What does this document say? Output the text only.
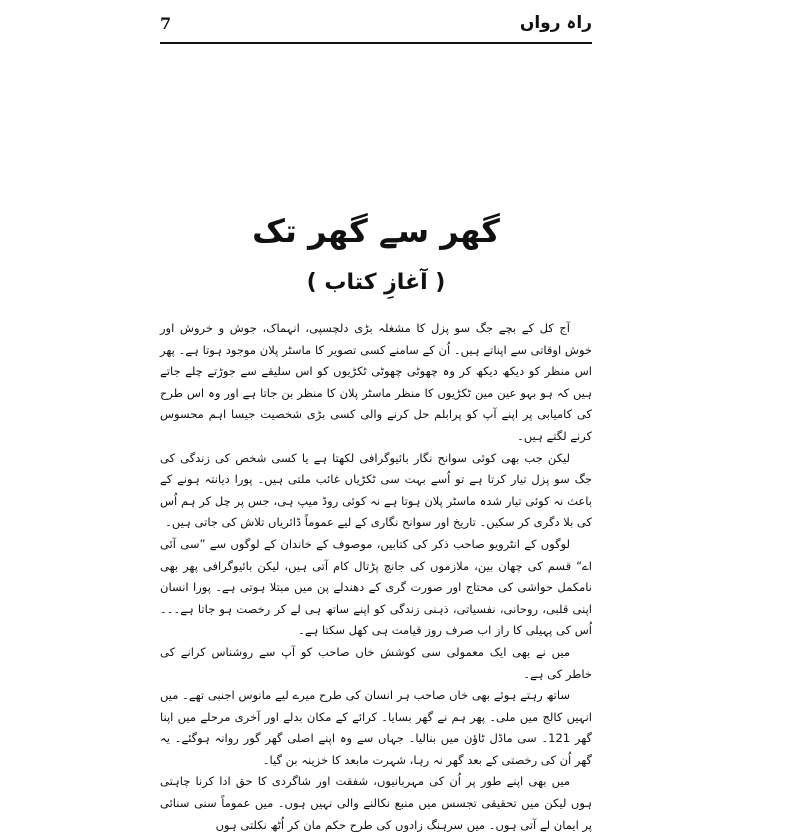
راہ رواں
7
گھر سے گھر تک
( آغازِ کتاب )

آج کل کے بچے جگ سو پزل کا مشغلہ بڑی دلچسپی، انہماک، جوش و خروش اور خوش اوقاتی سے اپناتے ہیں۔ اُن کے سامنے کسی تصویر کا ماسٹر پلان موجود ہوتا ہے۔ پھر اس منظر کو دیکھ دیکھ کر وہ چھوٹی چھوٹی ٹکڑیوں کو اس سلیقے سے جوڑتے چلے جاتے ہیں کہ ہو بہو عین مین ٹکڑیوں کا منظر ماسٹر پلان کا منظر بن جاتا ہے اور وہ اس طرح کی کامیابی پر اپنے آپ کو پرابلم حل کرنے والی کسی بڑی شخصیت جیسا اہم محسوس کرنے لگتے ہیں۔

لیکن جب بھی کوئی سوانح نگار بائیوگرافی لکھتا ہے یا کسی شخص کی زندگی کی جگ سو پزل تیار کرتا ہے تو اُسے بہت سی ٹکڑیاں غائب ملتی ہیں۔ پورا دیانتہ ہونے کے باعث نہ کوئی تیار شدہ ماسٹر پلان ہوتا ہے نہ کوئی روڈ میپ ہی، جس پر چل کر ہم اُس کی بلا دگری کر سکیں۔ تاریخ اور سوانح نگاری کے لیے عموماً ڈائریاں تلاش کی جاتی ہیں۔

لوگوں کے انٹرویو صاحب ذکر کی کتابیں، موصوف کے خاندان کے لوگوں سے ”سی آئی اے“ قسم کی چھان بین، ملازموں کی جانچ پڑتال کام آتی ہیں، لیکن بائیوگرافی پھر بھی نامکمل حواشی کی محتاج اور صورت گری کے دھندلے پن میں مبتلا ہوتی ہے۔ پورا انسان اپنی قلبی، روحانی، نفسیاتی، ذہنی زندگی کو اپنے ساتھ ہی لے کر رخصت ہو جاتا ہے۔۔۔ اُس کی پہیلی کا راز اب صرف روز قیامت ہی کھل سکتا ہے۔

میں نے بھی ایک معمولی سی کوشش خاں صاحب کو آپ سے روشناس کرانے کی خاطر کی ہے۔

ساتھ رہتے ہوئے بھی خاں صاحب ہر انسان کی طرح میرے لیے مانوس اجنبی تھے۔ میں انہیں کالج میں ملی۔ پھر ہم نے گھر بسایا۔ کرائے کے مکان بدلے اور آخری مرحلے میں اپنا گھر 121۔ سی ماڈل ٹاؤن میں بنالیا۔ جہاں سے وہ اپنے اصلی گھر گور روانہ ہوگئے۔ یہ گھر اُن کی رخصتی کے بعد گھر نہ رہا، شہرت مابعد کا خزینہ بن گیا۔

میں بھی اپنے طور پر اُن کی مہربانیوں، شفقت اور شاگردی کا حق ادا کرنا چاہتی ہوں لیکن میں تحقیقی تجسس میں منبع نکالنے والی نہیں ہوں۔ میں عموماً سنی سنائی پر ایمان لے آتی ہوں۔ میں سرہنگ زادوں کی طرح حکم مان کر اُٹھ نکلتی ہوں
